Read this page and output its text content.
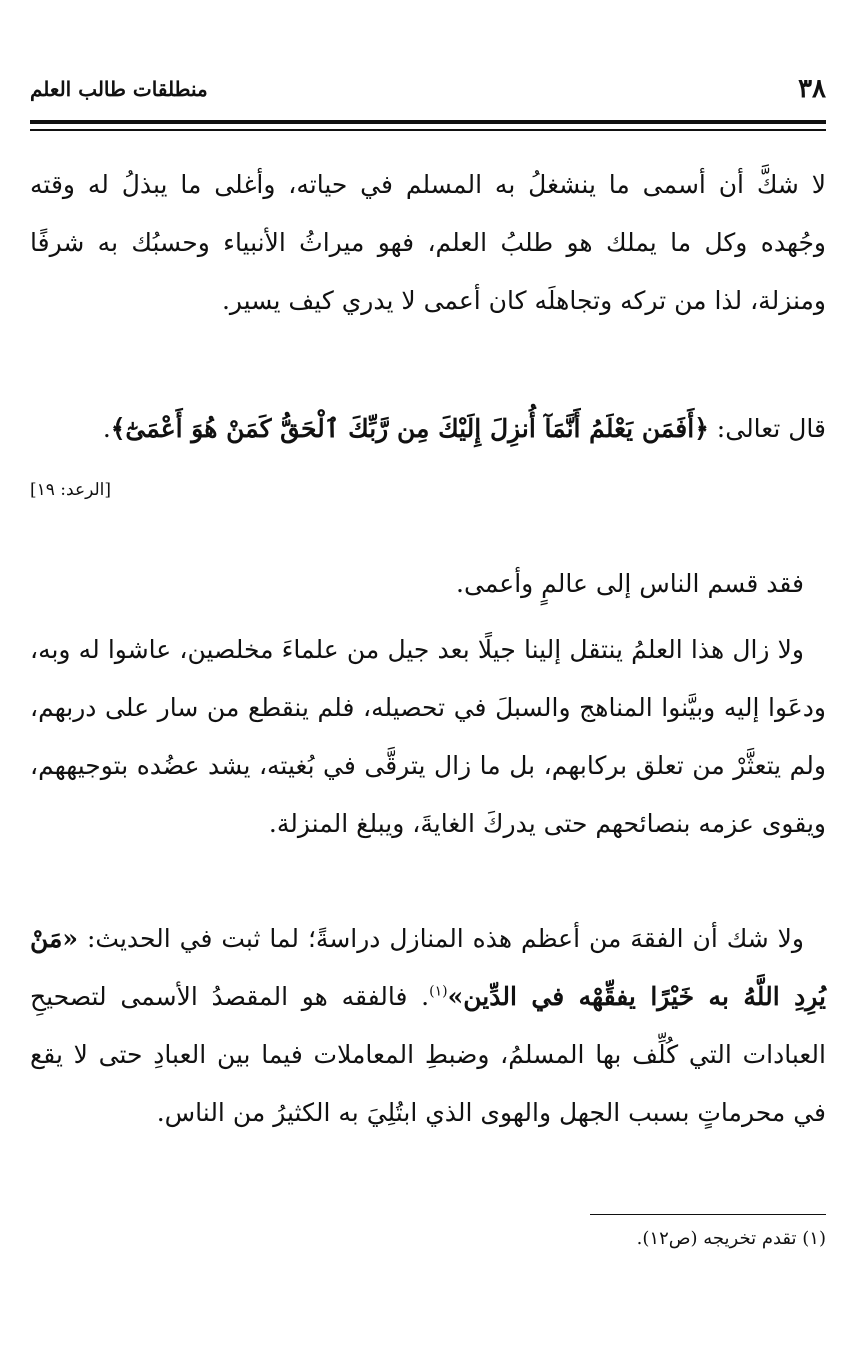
٣٨
منطلقات طالب العلم

لا شكَّ أن أسمى ما ينشغلُ به المسلم في حياته، وأغلى ما يبذلُ له وقته وجُهده وكل ما يملك هو طلبُ العلم، فهو ميراثُ الأنبياء وحسبُك به شرفًا ومنزلة، لذا من تركه وتجاهلَه كان أعمى لا يدري كيف يسير.

قال تعالى: ﴿أَفَمَن يَعْلَمُ أَنَّمَآ أُنزِلَ إِلَيْكَ مِن رَّبِّكَ ٱلْحَقُّ كَمَنْ هُوَ أَعْمَىٰٓ﴾.

[الرعد: ١٩]

فقد قسم الناس إلى عالمٍ وأعمى.

ولا زال هذا العلمُ ينتقل إلينا جيلًا بعد جيل من علماءَ مخلصين، عاشوا له وبه، ودعَوا إليه وبيَّنوا المناهج والسبلَ في تحصيله، فلم ينقطع من سار على دربهم، ولم يتعثَّرْ من تعلق بركابهم، بل ما زال يترقَّى في بُغيته، يشد عضُده بتوجيههم، ويقوى عزمه بنصائحهم حتى يدركَ الغايةَ، ويبلغ المنزلة.

ولا شك أن الفقهَ من أعظم هذه المنازل دراسةً؛ لما ثبت في الحديث: «مَنْ يُرِدِ اللَّهُ به خَيْرًا يفقِّهْه في الدِّين»$^{(١)}$. فالفقه هو المقصدُ الأسمى لتصحيحِ العبادات التي كُلِّف بها المسلمُ، وضبطِ المعاملات فيما بين العبادِ حتى لا يقع في محرماتٍ بسبب الجهل والهوى الذي ابتُلِيَ به الكثيرُ من الناس.

(١) تقدم تخريجه (ص١٢).
